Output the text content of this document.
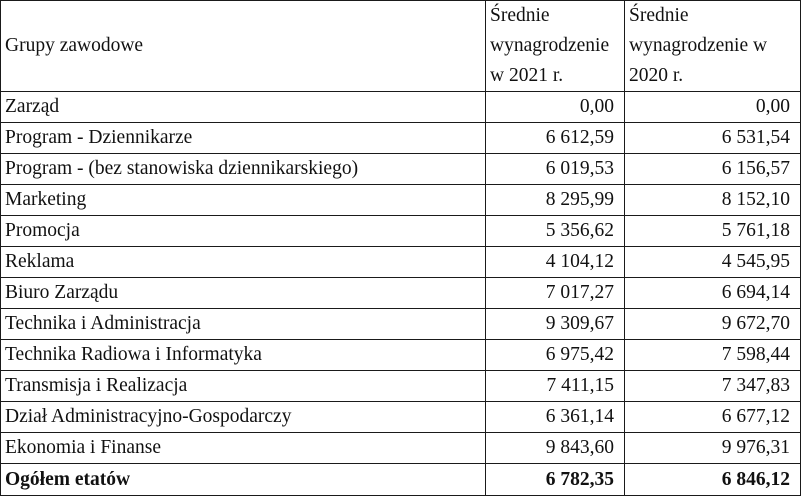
Grupy zawodowe	Średnie wynagrodzenie w 2021 r.	Średnie wynagrodzenie w 2020 r.
Zarząd	0,00	0,00
Program - Dziennikarze	6 612,59	6 531,54
Program - (bez stanowiska dziennikarskiego)	6 019,53	6 156,57
Marketing	8 295,99	8 152,10
Promocja	5 356,62	5 761,18
Reklama	4 104,12	4 545,95
Biuro Zarządu	7 017,27	6 694,14
Technika i Administracja	9 309,67	9 672,70
Technika Radiowa i Informatyka	6 975,42	7 598,44
Transmisja i Realizacja	7 411,15	7 347,83
Dział Administracyjno-Gospodarczy	6 361,14	6 677,12
Ekonomia i Finanse	9 843,60	9 976,31
Ogółem etatów	6 782,35	6 846,12
